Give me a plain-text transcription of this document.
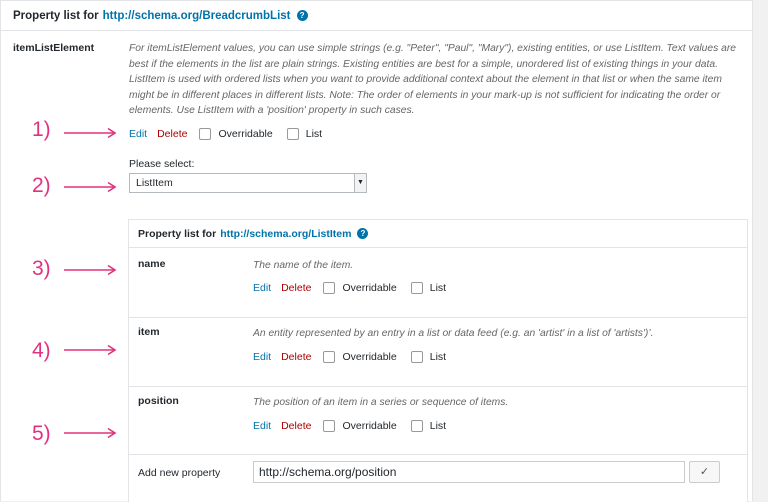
Property list for http://schema.org/BreadcrumbList	?
itemListElement	For itemListElement values, you can use simple strings (e.g. "Peter", "Paul", "Mary"), existing entities, or use ListItem. Text values are best if the elements in the list are plain strings. Existing entities are best for a simple, unordered list of existing things in your data. ListItem is used with ordered lists when you want to provide additional context about the element in that list or when the same item might be in different places in different lists. Note: The order of elements in your mark-up is not sufficient for indicating the order or elements. Use ListItem with a 'position' property in such cases.
Edit Delete	Overridable	List
Please select:
ListItem	▼
Property list for http://schema.org/ListItem	?
name	The name of the item.
Edit Delete	Overridable	List
item	An entity represented by an entry in a list or data feed (e.g. an 'artist' in a list of 'artists')’.
Edit Delete	Overridable	List
position	The position of an item in a series or sequence of items.
Edit Delete	Overridable	List
Add new property	http://schema.org/position	✓
1)
2)
3)
4)
5)
